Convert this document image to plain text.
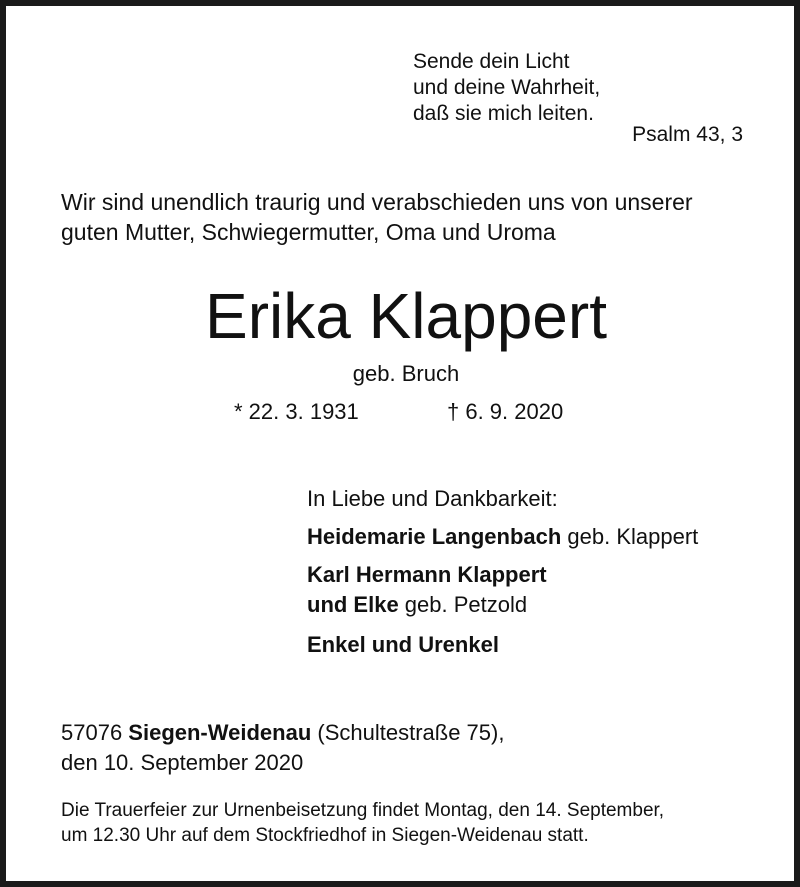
Sende dein Licht
und deine Wahrheit,
daß sie mich leiten.
Psalm 43, 3
Wir sind unendlich traurig und verabschieden uns von unserer
guten Mutter, Schwiegermutter, Oma und Uroma
Erika Klappert
geb. Bruch
* 22. 3. 1931	† 6. 9. 2020
In Liebe und Dankbarkeit:
Heidemarie Langenbach geb. Klappert
Karl Hermann Klappert
und Elke geb. Petzold
Enkel und Urenkel
57076 Siegen-Weidenau (Schultestraße 75),
den 10. September 2020
Die Trauerfeier zur Urnenbeisetzung findet Montag, den 14. September,
um 12.30 Uhr auf dem Stockfriedhof in Siegen-Weidenau statt.
